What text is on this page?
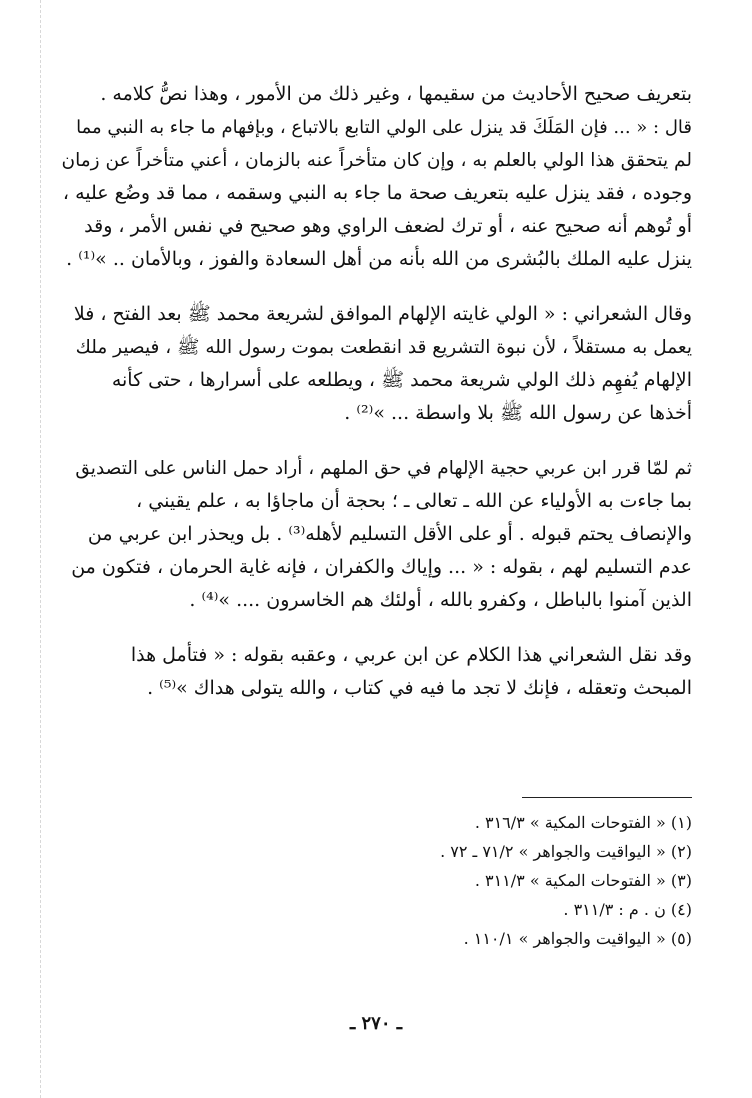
بتعريف صحيح الأحاديث من سقيمها ، وغير ذلك من الأمور ، وهذا نصُّ كلامه .
قال : « ... فإن المَلَكَ قد ينزل على الولي التابع بالاتباع ، وبإفهام ما جاء به النبي مما
لم يتحقق هذا الولي بالعلم به ، وإن كان متأخراً عنه بالزمان ، أعني متأخراً عن زمان
وجوده ، فقد ينزل عليه بتعريف صحة ما جاء به النبي وسقمه ، مما قد وضُع عليه ،
أو تُوهم أنه صحيح عنه ، أو ترك لضعف الراوي وهو صحيح في نفس الأمر ، وقد
ينزل عليه الملك بالبُشرى من الله بأنه من أهل السعادة والفوز ، وبالأمان .. »⁽¹⁾ .
وقال الشعراني : « الولي غايته الإلهام الموافق لشريعة محمد ﷺ بعد الفتح ، فلا
يعمل به مستقلاً ، لأن نبوة التشريع قد انقطعت بموت رسول الله ﷺ ، فيصير ملك
الإلهام يُفهِم ذلك الولي شريعة محمد ﷺ ، ويطلعه على أسرارها ، حتى كأنه
أخذها عن رسول الله ﷺ بلا واسطة ... »⁽²⁾ .
ثم لمّا قرر ابن عربي حجية الإلهام في حق الملهم ، أراد حمل الناس على التصديق
بما جاءت به الأولياء عن الله ـ تعالى ـ ؛ بحجة أن ماجاؤا به ، علم يقيني ،
والإنصاف يحتم قبوله . أو على الأقل التسليم لأهله⁽³⁾ . بل ويحذر ابن عربي من
عدم التسليم لهم ، بقوله : « ... وإياك والكفران ، فإنه غاية الحرمان ، فتكون من
الذين آمنوا بالباطل ، وكفرو بالله ، أولئك هم الخاسرون .... »⁽⁴⁾ .
وقد نقل الشعراني هذا الكلام عن ابن عربي ، وعقبه بقوله : « فتأمل هذا
المبحث وتعقله ، فإنك لا تجد ما فيه في كتاب ، والله يتولى هداك »⁽⁵⁾ .
(١) « الفتوحات المكية » ٣١٦/٣ .
(٢) « اليواقيت والجواهر » ٧١/٢ ـ ٧٢ .
(٣) « الفتوحات المكية » ٣١١/٣ .
(٤) ن . م : ٣١١/٣ .
(٥) « اليواقيت والجواهر » ١١٠/١ .
ـ ٢٧٠ ـ
